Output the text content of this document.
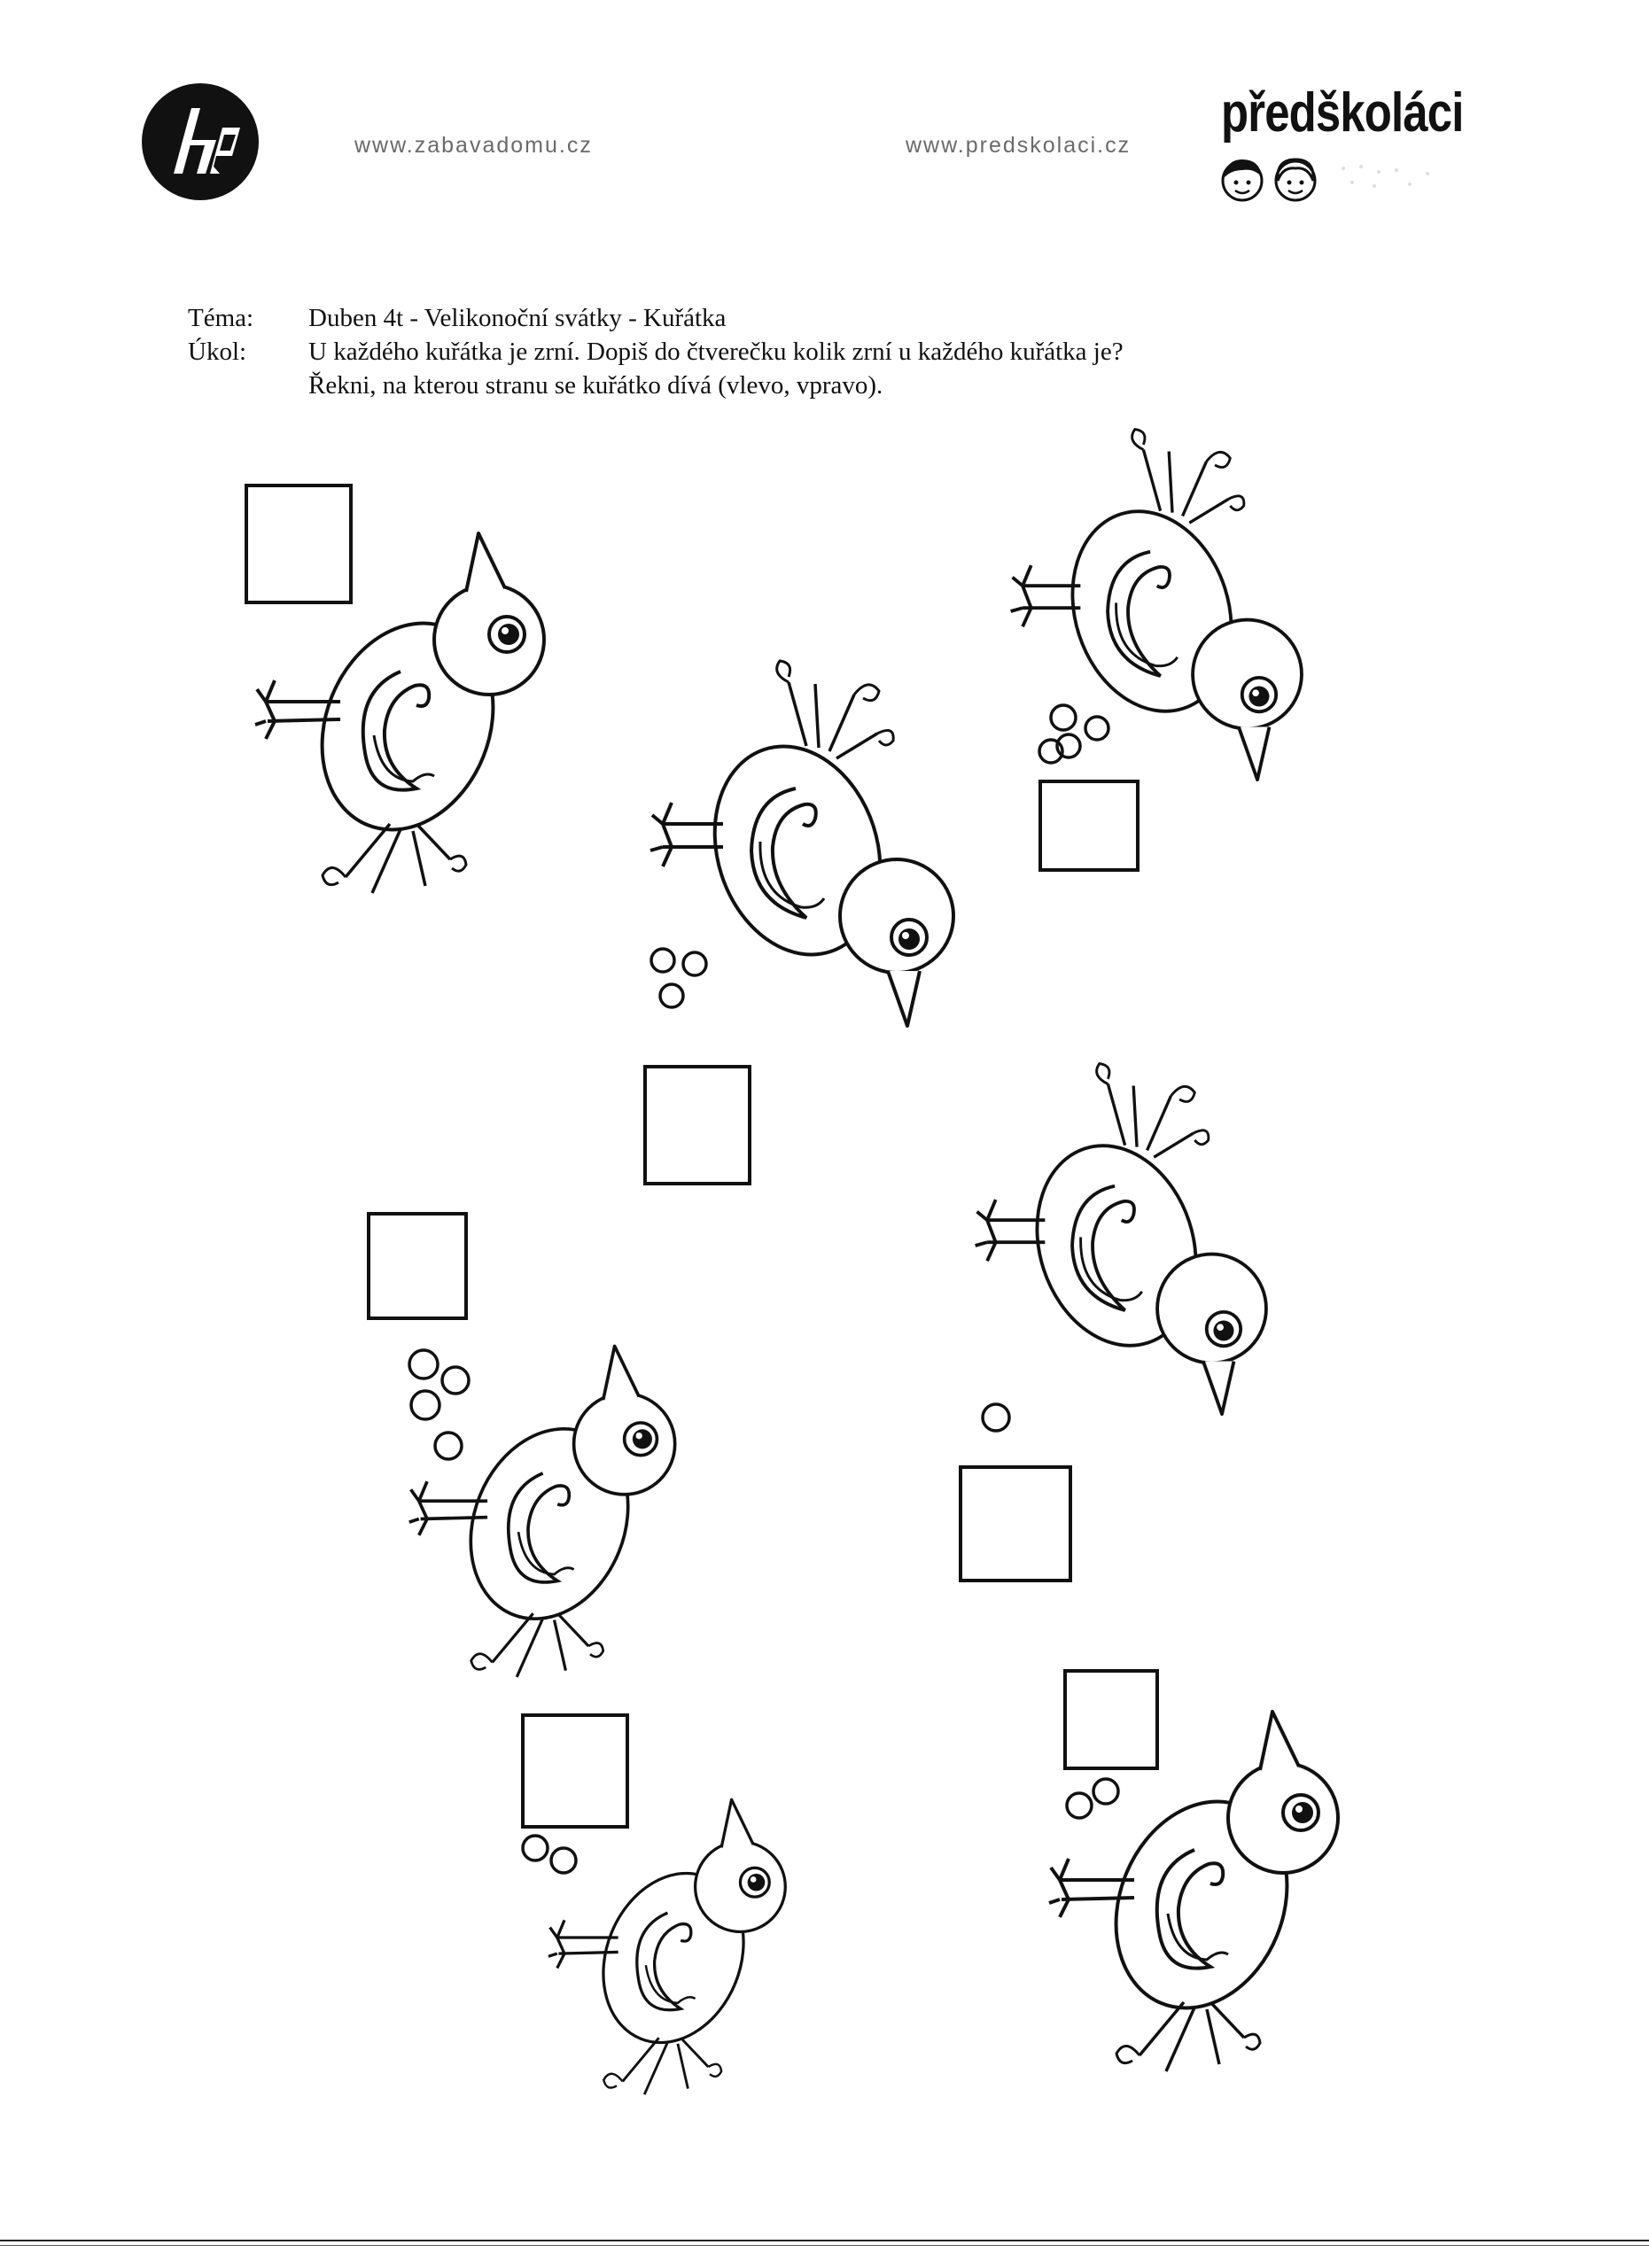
www.zabavadomu.cz	www.predskolaci.cz
předškoláci
Téma:	Duben 4t - Velikonoční svátky - Kuřátka
Úkol:	U každého kuřátka je zrní. Dopiš do čtverečku kolik zrní u každého kuřátka je?
Řekni, na kterou stranu se kuřátko dívá (vlevo, vpravo).
